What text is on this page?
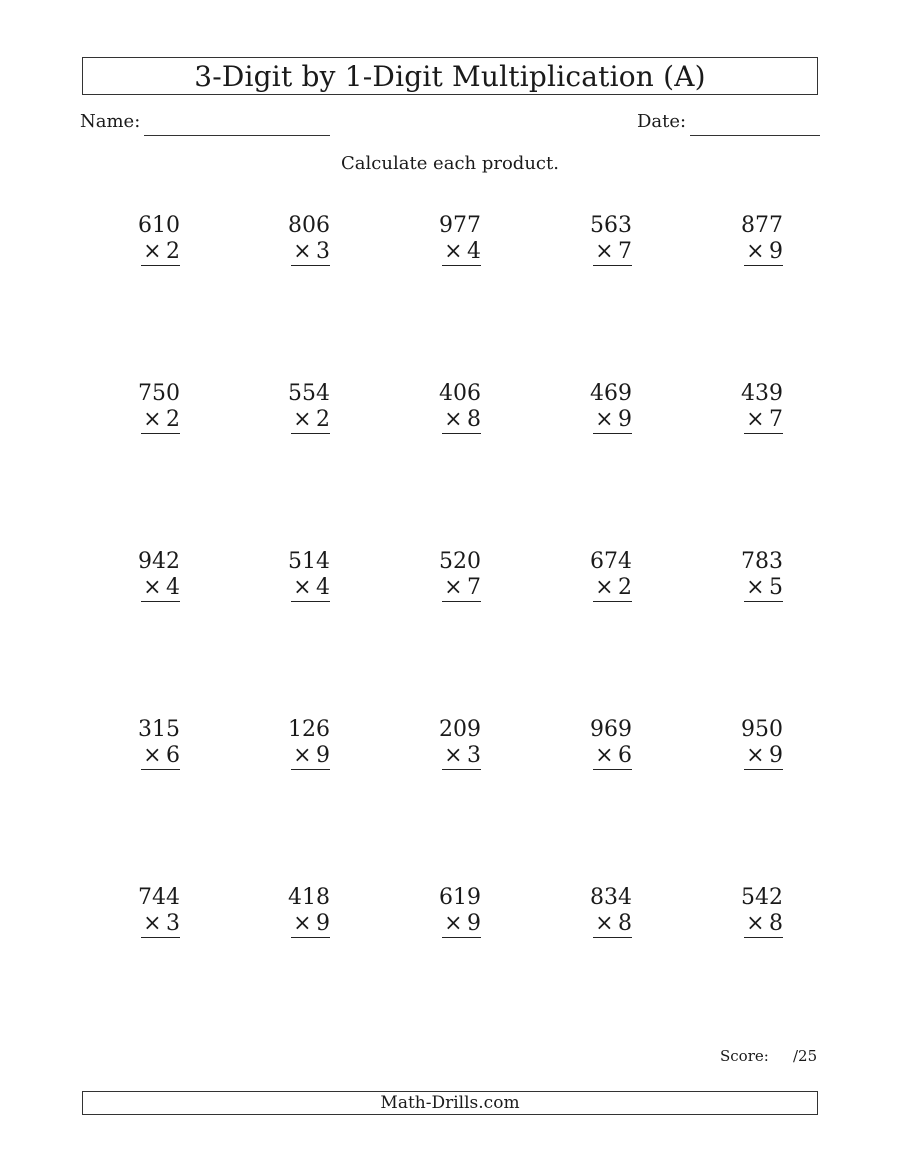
3-Digit by 1-Digit Multiplication (A)
Name:	Date:
Calculate each product.
610
×  2
806
×  3
977
×  4
563
×  7
877
×  9
750
×  2
554
×  2
406
×  8
469
×  9
439
×  7
942
×  4
514
×  4
520
×  7
674
×  2
783
×  5
315
×  6
126
×  9
209
×  3
969
×  6
950
×  9
744
×  3
418
×  9
619
×  9
834
×  8
542
×  8
Score: /25
Math-Drills.com
